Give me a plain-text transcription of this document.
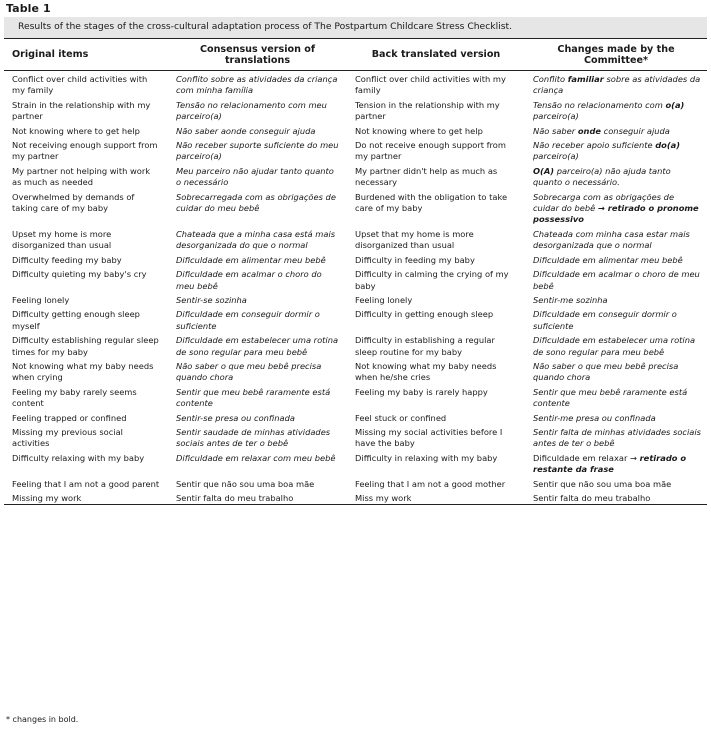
Table 1
Results of the stages of the cross-cultural adaptation process of The Postpartum Childcare Stress Checklist.
Original items	Consensus version of translations	Back translated version	Changes made by the Committee*
Conflict over child activities with my family	Conflito sobre as atividades da criança com minha família	Conflict over child activities with my family	Conflito familiar sobre as atividades da criança
Strain in the relationship with my partner	Tensão no relacionamento com meu parceiro(a)	Tension in the relationship with my partner	Tensão no relacionamento com o(a) parceiro(a)
Not knowing where to get help	Não saber aonde conseguir ajuda	Not knowing where to get help	Não saber onde conseguir ajuda
Not receiving enough support from my partner	Não receber suporte suficiente do meu parceiro(a)	Do not receive enough support from my partner	Não receber apoio suficiente do(a) parceiro(a)
My partner not helping with work as much as needed	Meu parceiro não ajudar tanto quanto o necessário	My partner didn't help as much as necessary	O(A) parceiro(a) não ajuda tanto quanto o necessário.
Overwhelmed by demands of taking care of my baby	Sobrecarregada com as obrigações de cuidar do meu bebê	Burdened with the obligation to take care of my baby	Sobrecarga com as obrigações de cuidar do bebê → retirado o pronome possessivo
Upset my home is more disorganized than usual	Chateada que a minha casa está mais desorganizada do que o normal	Upset that my home is more disorganized than usual	Chateada com minha casa estar mais desorganizada que o normal
Difficulty feeding my baby	Dificuldade em alimentar meu bebê	Difficulty in feeding my baby	Dificuldade em alimentar meu bebê
Difficulty quieting my baby's cry	Dificuldade em acalmar o choro do meu bebê	Difficulty in calming the crying of my baby	Dificuldade em acalmar o choro de meu bebê
Feeling lonely	Sentir-se sozinha	Feeling lonely	Sentir-me sozinha
Difficulty getting enough sleep myself	Dificuldade em conseguir dormir o suficiente	Difficulty in getting enough sleep	Dificuldade em conseguir dormir o suficiente
Difficulty establishing regular sleep times for my baby	Dificuldade em estabelecer uma rotina de sono regular para meu bebê	Difficulty in establishing a regular sleep routine for my baby	Dificuldade em estabelecer uma rotina de sono regular para meu bebê
Not knowing what my baby needs when crying	Não saber o que meu bebê precisa quando chora	Not knowing what my baby needs when he/she cries	Não saber o que meu bebê precisa quando chora
Feeling my baby rarely seems content	Sentir que meu bebê raramente está contente	Feeling my baby is rarely happy	Sentir que meu bebê raramente está contente
Feeling trapped or confined	Sentir-se presa ou confinada	Feel stuck or confined	Sentir-me presa ou confinada
Missing my previous social activities	Sentir saudade de minhas atividades sociais antes de ter o bebê	Missing my social activities before I have the baby	Sentir falta de minhas atividades sociais antes de ter o bebê
Difficulty relaxing with my baby	Dificuldade em relaxar com meu bebê	Difficulty in relaxing with my baby	Dificuldade em relaxar → retirado o restante da frase
Feeling that I am not a good parent	Sentir que não sou uma boa mãe	Feeling that I am not a good mother	Sentir que não sou uma boa mãe
Missing my work	Sentir falta do meu trabalho	Miss my work	Sentir falta do meu trabalho
* changes in bold.
